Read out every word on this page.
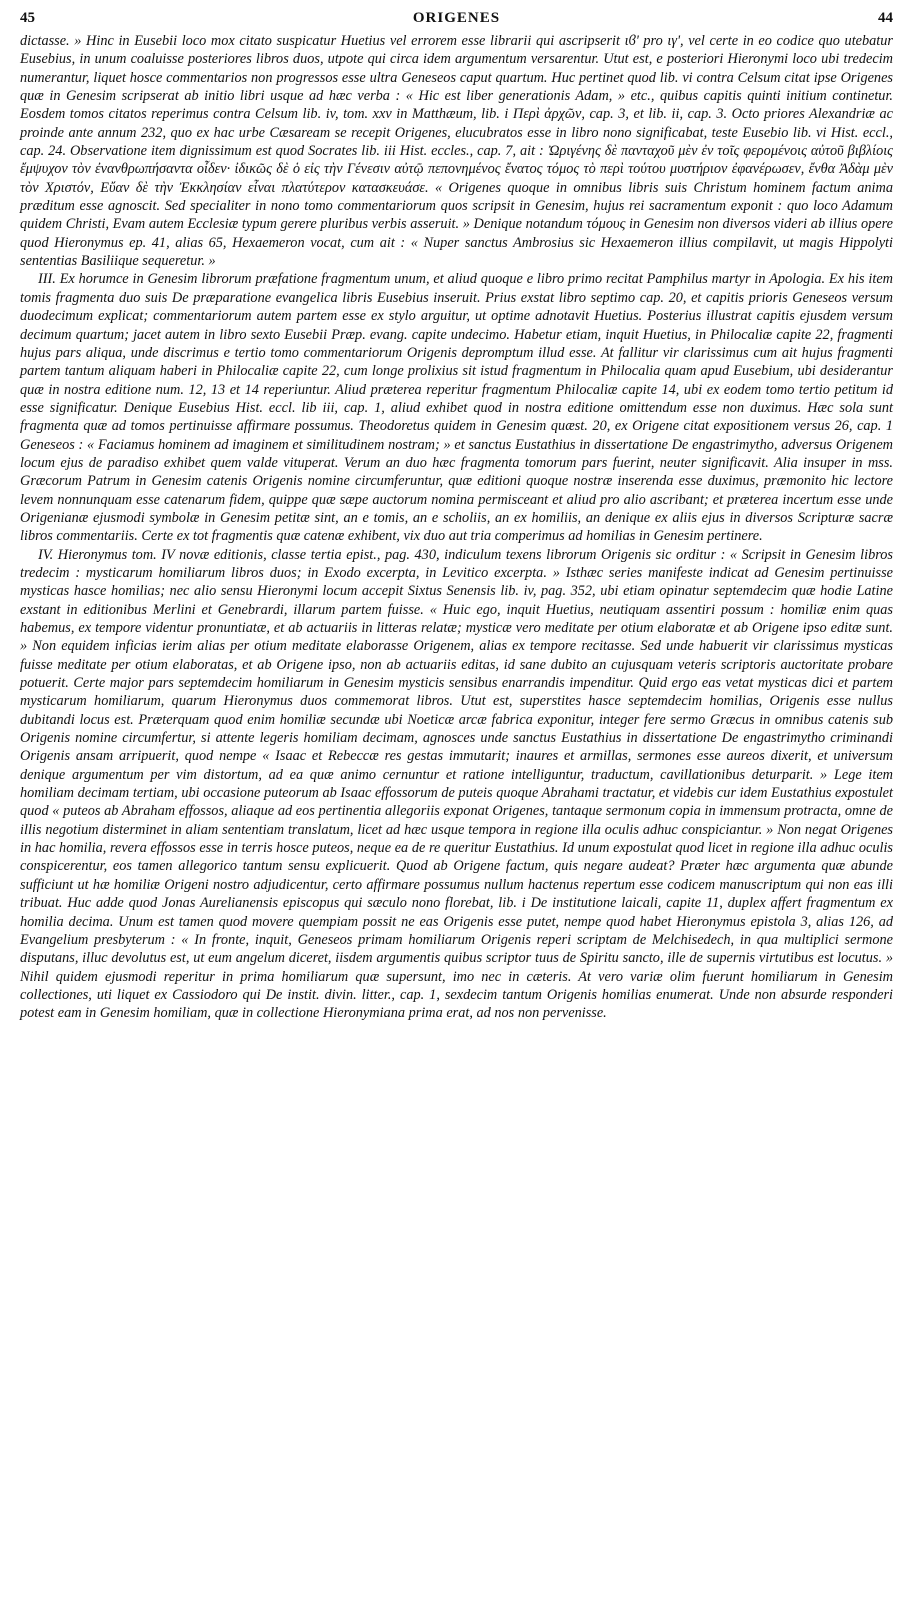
45	ORIGENES	44

dictasse. » Hinc in Eusebii loco mox citato suspicatur Huetius vel errorem esse librarii qui ascripserit ιϐ' pro ιγ', vel certe in eo codice quo utebatur Eusebius, in unum coaluisse posteriores libros duos, utpote qui circa idem argumentum versarentur. Utut est, e posteriori Hieronymi loco ubi tredecim numerantur, liquet hosce commentarios non progressos esse ultra Geneseos caput quartum. Huc pertinet quod lib. vi contra Celsum citat ipse Origenes quæ in Genesim scripserat ab initio libri usque ad hæc verba : « Hic est liber generationis Adam, » etc., quibus capitis quinti initium continetur. Eosdem tomos citatos reperimus contra Celsum lib. iv, tom. xxv in Matthæum, lib. i Περὶ ἀρχῶν, cap. 3, et lib. ii, cap. 3. Octo priores Alexandriæ ac proinde ante annum 232, quo ex hac urbe Cæsaream se recepit Origenes, elucubratos esse in libro nono significabat, teste Eusebio lib. vi Hist. eccl., cap. 24. Observatione item dignissimum est quod Socrates lib. iii Hist. eccles., cap. 7, ait : Ὠριγένης δὲ πανταχοῦ μὲν ἐν τοῖς φερομένοις αὐτοῦ βιβλίοις ἔμψυχον τὸν ἐνανθρωπήσαντα οἶδεν· ἰδικῶς δὲ ὁ εἰς τὴν Γένεσιν αὐτῷ πεπονημένος ἔνατος τόμος τὸ περὶ τούτου μυστήριον ἐφανέρωσεν, ἔνθα Ἀδὰμ μὲν τὸν Χριστόν, Εὔαν δὲ τὴν Ἐκκλησίαν εἶναι πλατύτερον κατασκευάσε. « Origenes quoque in omnibus libris suis Christum hominem factum anima præditum esse agnoscit. Sed specialiter in nono tomo commentariorum quos scripsit in Genesim, hujus rei sacramentum exponit : quo loco Adamum quidem Christi, Evam autem Ecclesiæ typum gerere pluribus verbis asseruit. » Denique notandum τόμους in Genesim non diversos videri ab illius opere quod Hieronymus ep. 41, alias 65, Hexaemeron vocat, cum ait : « Nuper sanctus Ambrosius sic Hexaemeron illius compilavit, ut magis Hippolyti sententias Basiliique sequeretur. »

III. Ex horumce in Genesim librorum præfatione fragmentum unum, et aliud quoque e libro primo recitat Pamphilus martyr in Apologia. Ex his item tomis fragmenta duo suis De præparatione evangelica libris Eusebius inseruit. Prius exstat libro septimo cap. 20, et capitis prioris Geneseos versum duodecimum explicat; commentariorum autem partem esse ex stylo arguitur, ut optime adnotavit Huetius. Posterius illustrat capitis ejusdem versum decimum quartum; jacet autem in libro sexto Eusebii Præp. evang. capite undecimo. Habetur etiam, inquit Huetius, in Philocaliæ capite 22, fragmenti hujus pars aliqua, unde discrimus e tertio tomo commentariorum Origenis depromptum illud esse. At fallitur vir clarissimus cum ait hujus fragmenti partem tantum aliquam haberi in Philocaliæ capite 22, cum longe prolixius sit istud fragmentum in Philocalia quam apud Eusebium, ubi desiderantur quæ in nostra editione num. 12, 13 et 14 reperiuntur. Aliud præterea reperitur fragmentum Philocaliæ capite 14, ubi ex eodem tomo tertio petitum id esse significatur. Denique Eusebius Hist. eccl. lib iii, cap. 1, aliud exhibet quod in nostra editione omittendum esse non duximus. Hæc sola sunt fragmenta quæ ad tomos pertinuisse affirmare possumus. Theodoretus quidem in Genesim quæst. 20, ex Origene citat expositionem versus 26, cap. 1 Geneseos : « Faciamus hominem ad imaginem et similitudinem nostram; » et sanctus Eustathius in dissertatione De engastrimytho, adversus Origenem locum ejus de paradiso exhibet quem valde vituperat. Verum an duo hæc fragmenta tomorum pars fuerint, neuter significavit. Alia insuper in mss. Græcorum Patrum in Genesim catenis Origenis nomine circumferuntur, quæ editioni quoque nostræ inserenda esse duximus, præmonito hic lectore levem nonnunquam esse catenarum fidem, quippe quæ sæpe auctorum nomina permisceant et aliud pro alio ascribant; et præterea incertum esse unde Origenianæ ejusmodi symbolæ in Genesim petitæ sint, an e tomis, an e scholiis, an ex homiliis, an denique ex aliis ejus in diversos Scripturæ sacræ libros commentariis. Certe ex tot fragmentis quæ catenæ exhibent, vix duo aut tria comperimus ad homilias in Genesim pertinere.

IV. Hieronymus tom. IV novæ editionis, classe tertia epist., pag. 430, indiculum texens librorum Origenis sic orditur : « Scripsit in Genesim libros tredecim : mysticarum homiliarum libros duos; in Exodo excerpta, in Levitico excerpta. » Isthæc series manifeste indicat ad Genesim pertinuisse mysticas hasce homilias; nec alio sensu Hieronymi locum accepit Sixtus Senensis lib. iv, pag. 352, ubi etiam opinatur septemdecim quæ hodie Latine exstant in editionibus Merlini et Genebrardi, illarum partem fuisse. « Huic ego, inquit Huetius, neutiquam assentiri possum : homiliæ enim quas habemus, ex tempore videntur pronuntiatæ, et ab actuariis in litteras relatæ; mysticæ vero meditate per otium elaboratæ et ab Origene ipso editæ sunt. » Non equidem inficias ierim alias per otium meditate elaborasse Origenem, alias ex tempore recitasse. Sed unde habuerit vir clarissimus mysticas fuisse meditate per otium elaboratas, et ab Origene ipso, non ab actuariis editas, id sane dubito an cujusquam veteris scriptoris auctoritate probare potuerit. Certe major pars septemdecim homiliarum in Genesim mysticis sensibus enarrandis impenditur. Quid ergo eas vetat mysticas dici et partem mysticarum homiliarum, quarum Hieronymus duos commemorat libros. Utut est, superstites hasce septemdecim homilias, Origenis esse nullus dubitandi locus est. Præterquam quod enim homiliæ secundæ ubi Noeticæ arcæ fabrica exponitur, integer fere sermo Græcus in omnibus catenis sub Origenis nomine circumfertur, si attente legeris homiliam decimam, agnosces unde sanctus Eustathius in dissertatione De engastrimytho criminandi Origenis ansam arripuerit, quod nempe « Isaac et Rebeccæ res gestas immutarit; inaures et armillas, sermones esse aureos dixerit, et universum denique argumentum per vim distortum, ad ea quæ animo cernuntur et ratione intelliguntur, traductum, cavillationibus deturparit. » Lege item homiliam decimam tertiam, ubi occasione puteorum ab Isaac effossorum de puteis quoque Abrahami tractatur, et videbis cur idem Eustathius expostulet quod « puteos ab Abraham effossos, aliaque ad eos pertinentia allegoriis exponat Origenes, tantaque sermonum copia in immensum protracta, omne de illis negotium disterminet in aliam sententiam translatum, licet ad hæc usque tempora in regione illa oculis adhuc conspiciantur. » Non negat Origenes in hac homilia, revera effossos esse in terris hosce puteos, neque ea de re queritur Eustathius. Id unum expostulat quod licet in regione illa adhuc oculis conspicerentur, eos tamen allegorico tantum sensu explicuerit. Quod ab Origene factum, quis negare audeat? Præter hæc argumenta quæ abunde sufficiunt ut hæ homiliæ Origeni nostro adjudicentur, certo affirmare possumus nullum hactenus repertum esse codicem manuscriptum qui non eas illi tribuat. Huc adde quod Jonas Aurelianensis episcopus qui sæculo nono florebat, lib. i De institutione laicali, capite 11, duplex affert fragmentum ex homilia decima. Unum est tamen quod movere quempiam possit ne eas Origenis esse putet, nempe quod habet Hieronymus epistola 3, alias 126, ad Evangelium presbyterum : « In fronte, inquit, Geneseos primam homiliarum Origenis reperi scriptam de Melchisedech, in qua multiplici sermone disputans, illuc devolutus est, ut eum angelum diceret, iisdem argumentis quibus scriptor tuus de Spiritu sancto, ille de supernis virtutibus est locutus. » Nihil quidem ejusmodi reperitur in prima homiliarum quæ supersunt, imo nec in cæteris. At vero variæ olim fuerunt homiliarum in Genesim collectiones, uti liquet ex Cassiodoro qui De instit. divin. litter., cap. 1, sexdecim tantum Origenis homilias enumerat. Unde non absurde responderi potest eam in Genesim homiliam, quæ in collectione Hieronymiana prima erat, ad nos non pervenisse.
